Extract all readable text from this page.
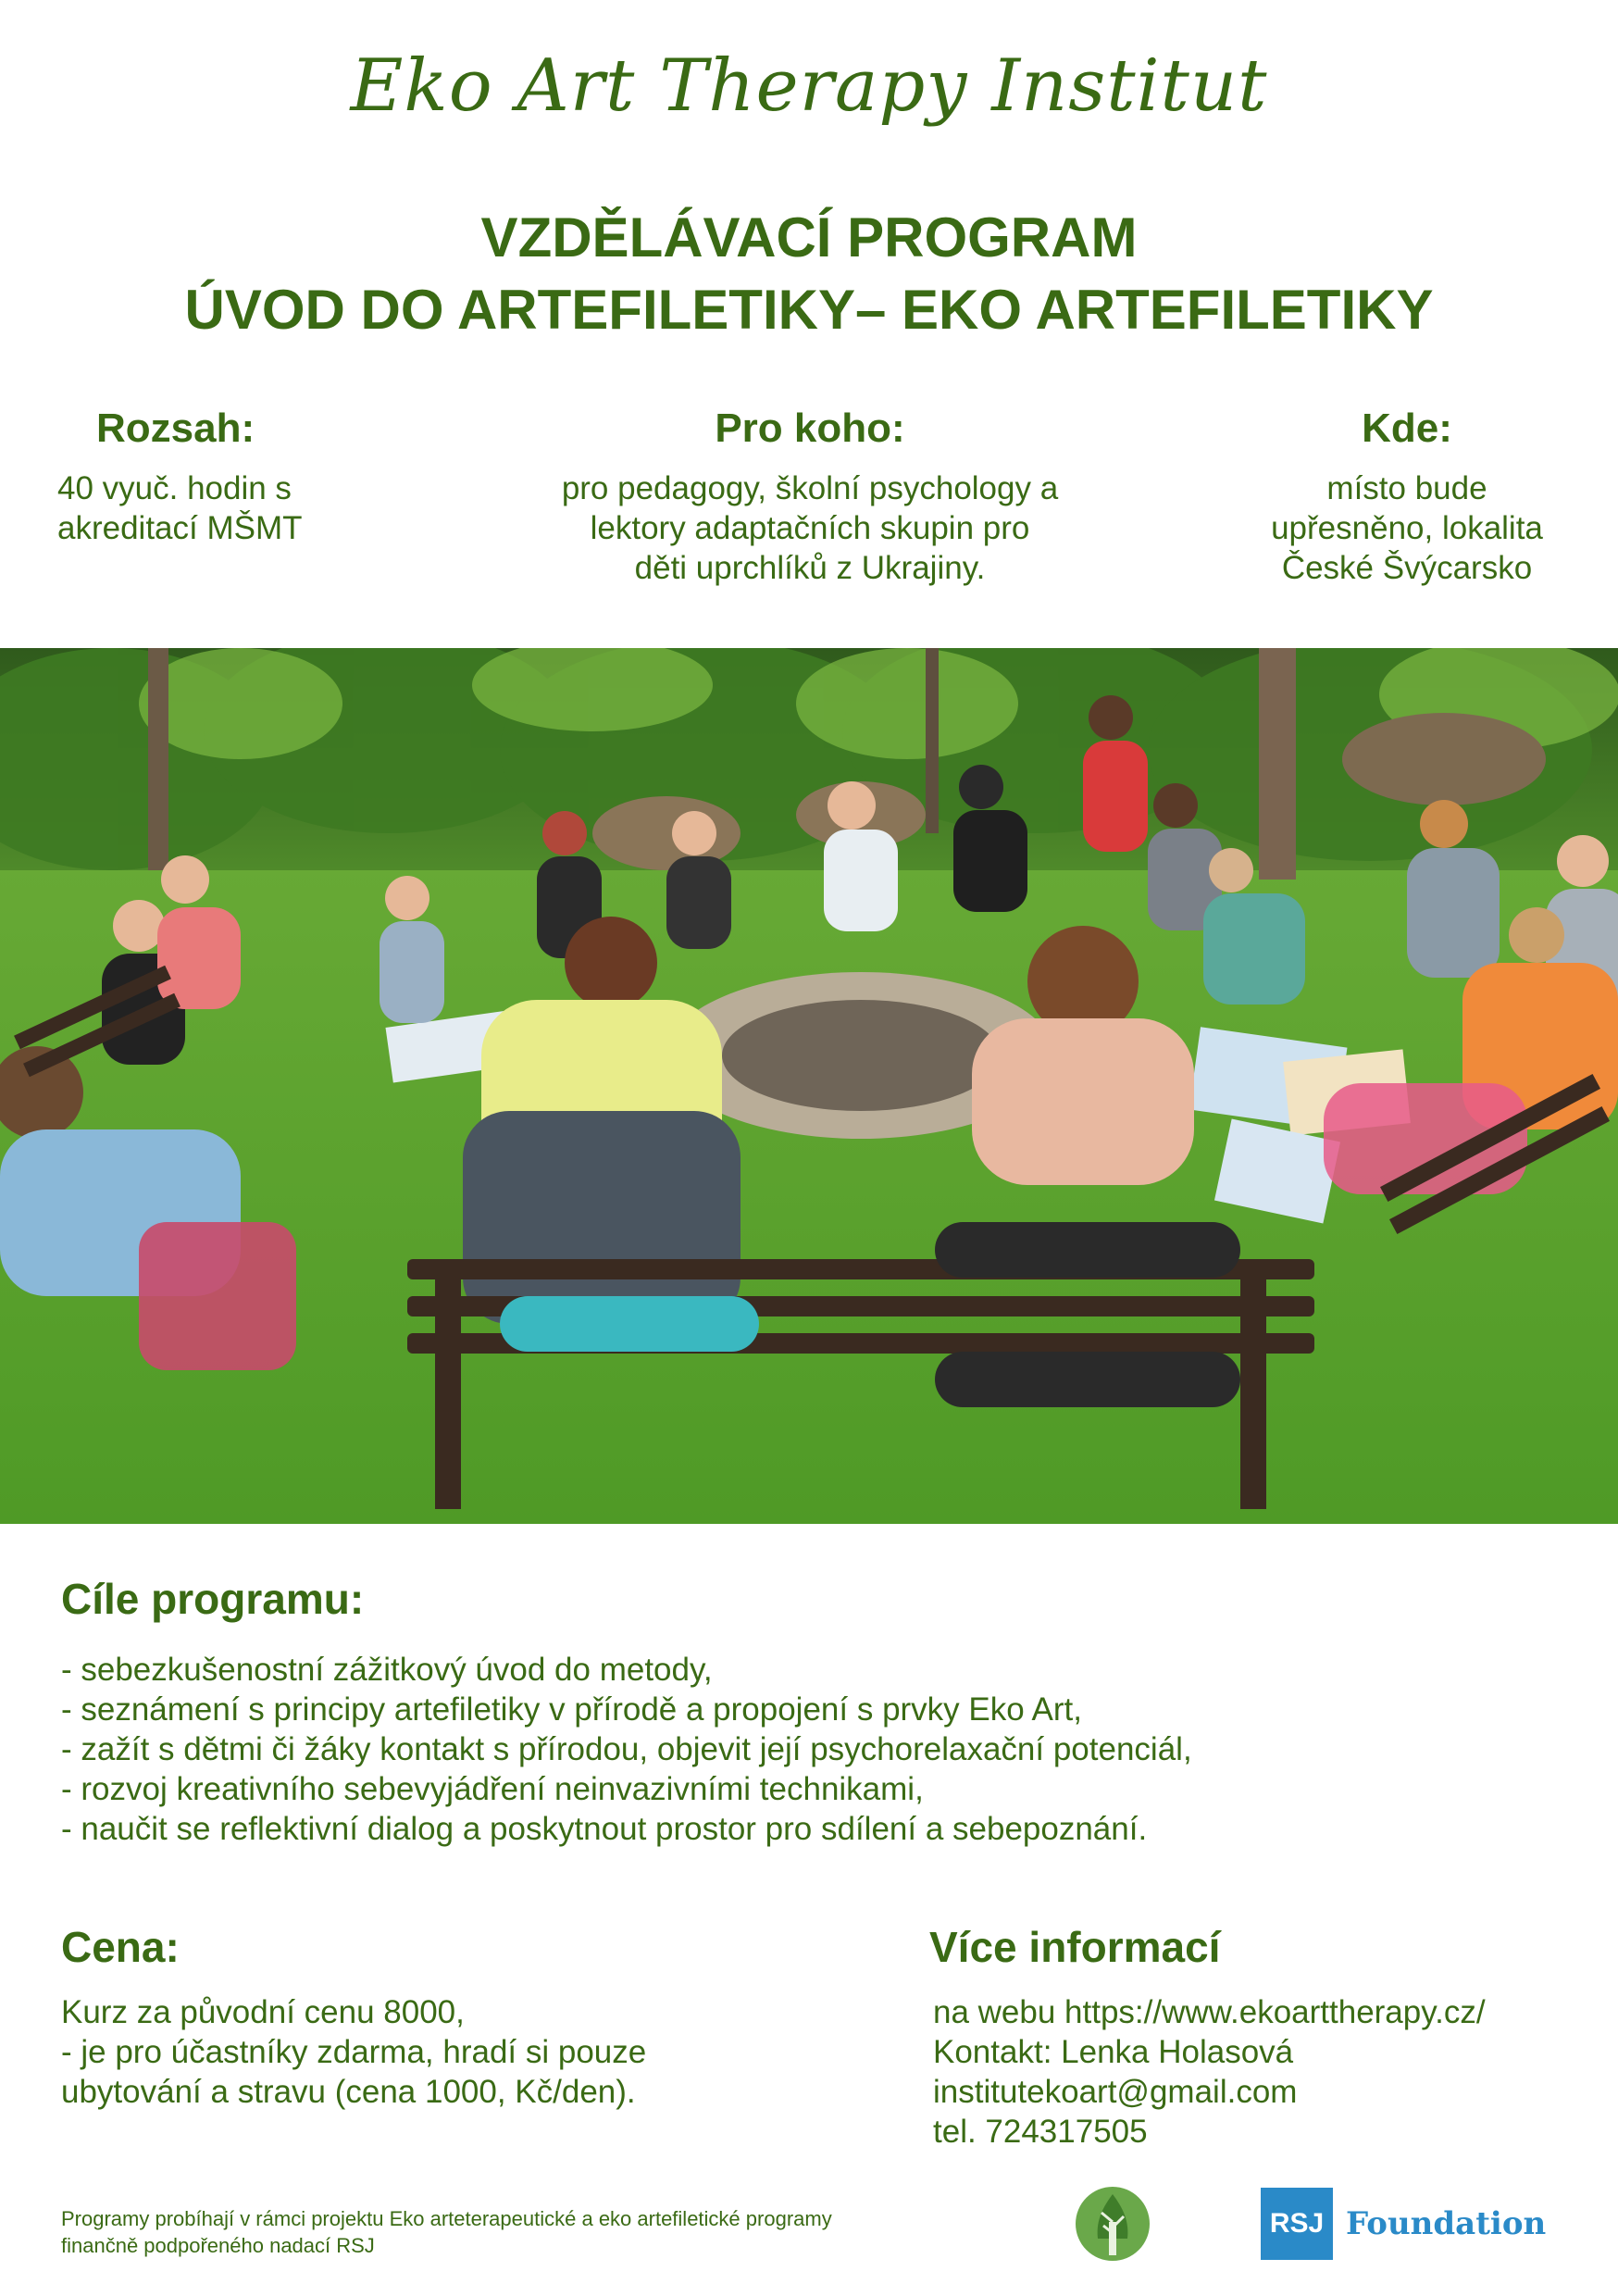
Eko Art Therapy Institut
VZDĚLÁVACÍ PROGRAM
ÚVOD DO ARTEFILETIKY– EKO ARTEFILETIKY
Rozsah:
40 vyuč. hodin s
akreditací MŠMT
Pro koho:
pro pedagogy, školní psychology a
lektory adaptačních skupin pro
děti uprchlíků z Ukrajiny.
Kde:
místo bude
upřesněno, lokalita
České Švýcarsko
Cíle programu:
- sebezkušenostní zážitkový úvod do metody,
- seznámení s principy artefiletiky v přírodě a propojení s prvky Eko Art,
- zažít s dětmi či žáky kontakt s přírodou, objevit její psychorelaxační potenciál,
- rozvoj kreativního sebevyjádření neinvazivními technikami,
- naučit se reflektivní dialog a poskytnout prostor pro sdílení a sebepoznání.
Cena:
Kurz za původní cenu 8000,
- je pro účastníky zdarma, hradí si pouze
ubytování a stravu (cena 1000, Kč/den).
Více informací
na webu https://www.ekoarttherapy.cz/
Kontakt: Lenka Holasová
institutekoart@gmail.com
tel. 724317505
Programy probíhají v rámci projektu Eko arteterapeutické a eko artefiletické programy
finančně podpořeného nadací RSJ
RSJ Foundation
